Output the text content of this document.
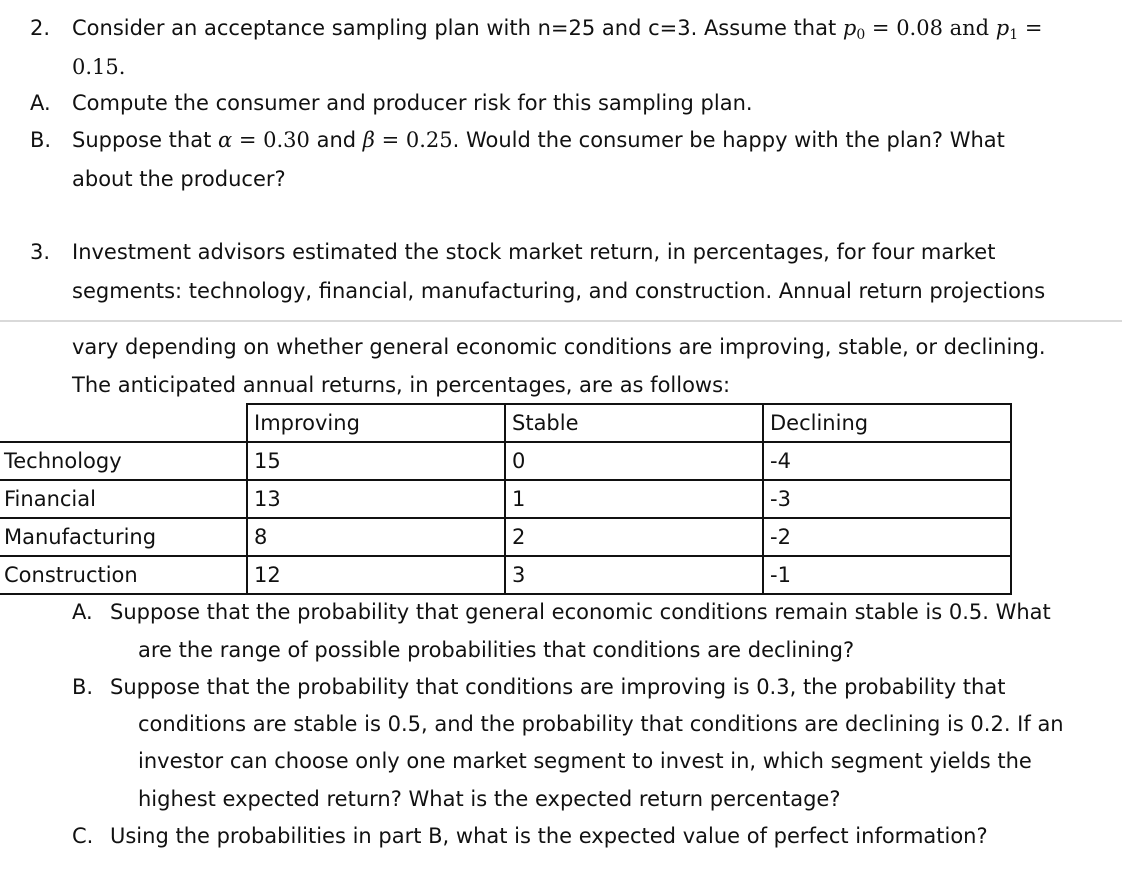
2. Consider an acceptance sampling plan with n=25 and c=3. Assume that $p_0 = 0.08$ and $p_1$ =
0.15.
A. Compute the consumer and producer risk for this sampling plan.
B. Suppose that α = 0.30 and β = 0.25. Would the consumer be happy with the plan? What
about the producer?
3. Investment advisors estimated the stock market return, in percentages, for four market
segments: technology, financial, manufacturing, and construction. Annual return projections
vary depending on whether general economic conditions are improving, stable, or declining.
The anticipated annual returns, in percentages, are as follows:
	Improving	Stable	Declining
Technology	15	0	-4
Financial	13	1	-3
Manufacturing	8	2	-2
Construction	12	3	-1
A. Suppose that the probability that general economic conditions remain stable is 0.5. What
are the range of possible probabilities that conditions are declining?
B. Suppose that the probability that conditions are improving is 0.3, the probability that
conditions are stable is 0.5, and the probability that conditions are declining is 0.2. If an
investor can choose only one market segment to invest in, which segment yields the
highest expected return? What is the expected return percentage?
C. Using the probabilities in part B, what is the expected value of perfect information?
